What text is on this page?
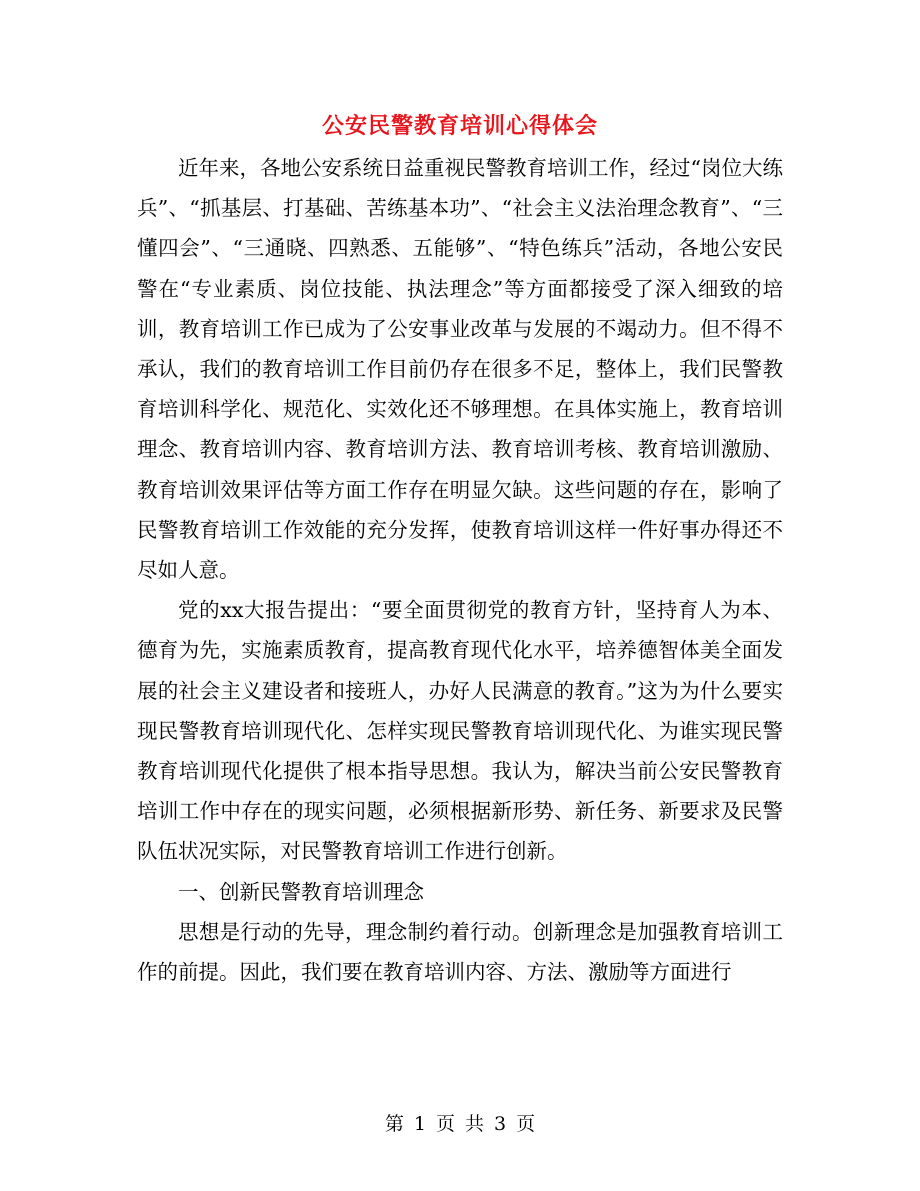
公安民警教育培训心得体会

近年来，各地公安系统日益重视民警教育培训工作，经过“岗位大练兵”、“抓基层、打基础、苦练基本功”、“社会主义法治理念教育”、“三懂四会”、“三通晓、四熟悉、五能够”、“特色练兵”活动，各地公安民警在“专业素质、岗位技能、执法理念”等方面都接受了深入细致的培训，教育培训工作已成为了公安事业改革与发展的不竭动力。但不得不承认，我们的教育培训工作目前仍存在很多不足，整体上，我们民警教育培训科学化、规范化、实效化还不够理想。在具体实施上，教育培训理念、教育培训内容、教育培训方法、教育培训考核、教育培训激励、教育培训效果评估等方面工作存在明显欠缺。这些问题的存在，影响了民警教育培训工作效能的充分发挥，使教育培训这样一件好事办得还不尽如人意。

党的xx大报告提出：“要全面贯彻党的教育方针，坚持育人为本、德育为先，实施素质教育，提高教育现代化水平，培养德智体美全面发展的社会主义建设者和接班人，办好人民满意的教育。”这为为什么要实现民警教育培训现代化、怎样实现民警教育培训现代化、为谁实现民警教育培训现代化提供了根本指导思想。我认为，解决当前公安民警教育培训工作中存在的现实问题，必须根据新形势、新任务、新要求及民警队伍状况实际，对民警教育培训工作进行创新。

一、创新民警教育培训理念

思想是行动的先导，理念制约着行动。创新理念是加强教育培训工作的前提。因此，我们要在教育培训内容、方法、激励等方面进行

第 1 页 共 3 页
